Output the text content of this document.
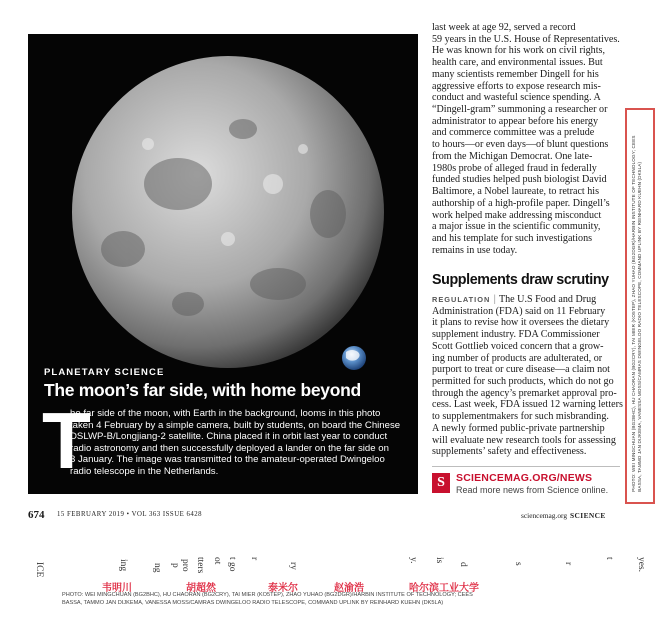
PLANETARY SCIENCE
The moon’s far side, with home beyond
T
he far side of the moon, with Earth in the background, looms in this photo
taken 4 February by a simple camera, built by students, on board the Chinese
DSLWP-B/Longjiang-2 satellite. China placed it in orbit last year to conduct
radio astronomy and then successfully deployed a lander on the far side on
3 January. The image was transmitted to the amateur-operated Dwingeloo
radio telescope in the Netherlands.
last week at age 92, served a record
59 years in the U.S. House of Representatives.
He was known for his work on civil rights,
health care, and environmental issues. But
many scientists remember Dingell for his
aggressive efforts to expose research mis-
conduct and wasteful science spending. A
“Dingell-gram” summoning a researcher or
administrator to appear before his energy
and commerce committee was a prelude
to hours—or even days—of blunt questions
from the Michigan Democrat. One late-
1980s probe of alleged fraud in federally
funded studies helped push biologist David
Baltimore, a Nobel laureate, to retract his
authorship of a high-profile paper. Dingell’s
work helped make addressing misconduct
a major issue in the scientific community,
and his template for such investigations
remains in use today.
Supplements draw scrutiny
REGULATION | The U.S Food and Drug
Administration (FDA) said on 11 February
it plans to revise how it oversees the dietary
supplement industry. FDA Commissioner
Scott Gottlieb voiced concern that a grow-
ing number of products are adulterated, or
purport to treat or cure disease—a claim not
permitted for such products, which do not go
through the agency’s premarket approval pro-
cess. Last week, FDA issued 12 warning letters
to supplementmakers for such misbranding.
A newly formed public-private partnership
will evaluate new research tools for assessing
supplements’ safety and effectiveness.
S	SCIENCEMAG.ORG/NEWS
Read more news from Science online.	PHOTO: WEI MINGCHUAN (BG2BHC), HU CHAORAN (BG2CRY), TAI MIER (KO5TEP), ZHAO YUHAO (BG2DGR)/HARBIN INSTITUTE OF TECHNOLOGY; CEES BASSA, TAMMO JAN DIJKEMA, VANESSA MOSS/CAMRAS DWINGELOO RADIO TELESCOPE, COMMAND UPLINK BY REINHARD KUEHN (DK5LA)
674 15 FEBRUARY 2019 • VOL 363 ISSUE 6428	sciencemag.org SCIENCE
ICE	ing	pro
p
ng	tters ot t go r
ry
y. is
d	s	r
t yes.
韦明川	胡超然	泰米尔	赵渝浩	哈尔滨工业大学
PHOTO: WEI MINGCHUAN (BG2BHC), HU CHAORAN (BG2CRY), TAI MIER (KO5TEP), ZHAO YUHAO (BG2DGR)/HARBIN INSTITUTE OF TECHNOLOGY; CEES
BASSA, TAMMO JAN DIJKEMA, VANESSA MOSS/CAMRAS DWINGELOO RADIO TELESCOPE, COMMAND UPLINK BY REINHARD KUEHN (DK5LA)
